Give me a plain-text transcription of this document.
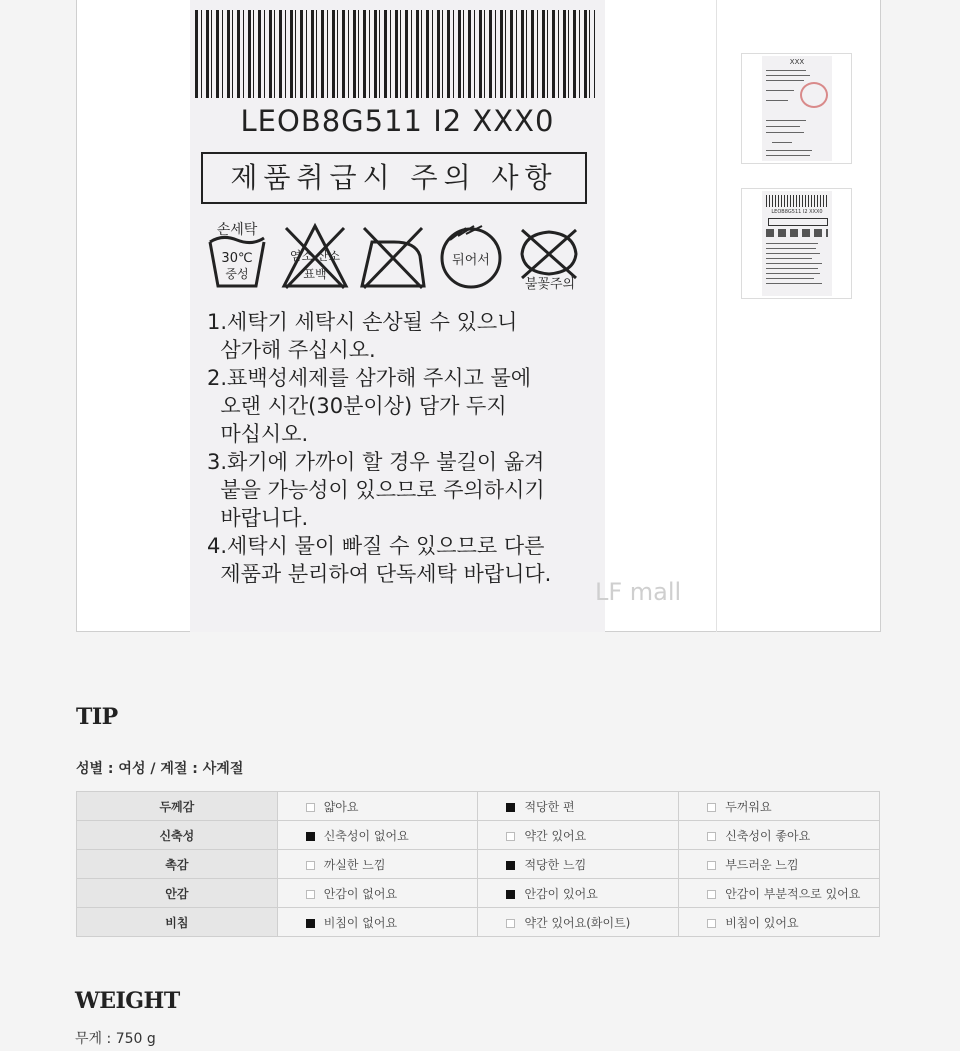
LEOB8G511 I2 XXX0
제품취급시 주의 사항
손세탁
30℃
중성
염소 산소
표백
뒤어서
불꽃주의

1.세탁기 세탁시 손상될 수 있으니

삼가해 주십시오.

2.표백성세제를 삼가해 주시고 물에

오랜 시간(30분이상) 담가 두지

마십시오.

3.화기에 가까이 할 경우 불길이 옮겨

붙을 가능성이 있으므로 주의하시기

바랍니다.

4.세탁시 물이 빠질 수 있으므로 다른

제품과 분리하여 단독세탁 바랍니다.

LF mall
XXX
LEOB8G511 I2 XXX0
TIP
성별 : 여성 / 계절 : 사계절
두께감	얇아요	적당한 편	두꺼워요
신축성	신축성이 없어요	약간 있어요	신축성이 좋아요
촉감	까실한 느낌	적당한 느낌	부드러운 느낌
안감	안감이 없어요	안감이 있어요	안감이 부분적으로 있어요
비침	비침이 없어요	약간 있어요(화이트)	비침이 있어요
WEIGHT
무게 : 750 g
